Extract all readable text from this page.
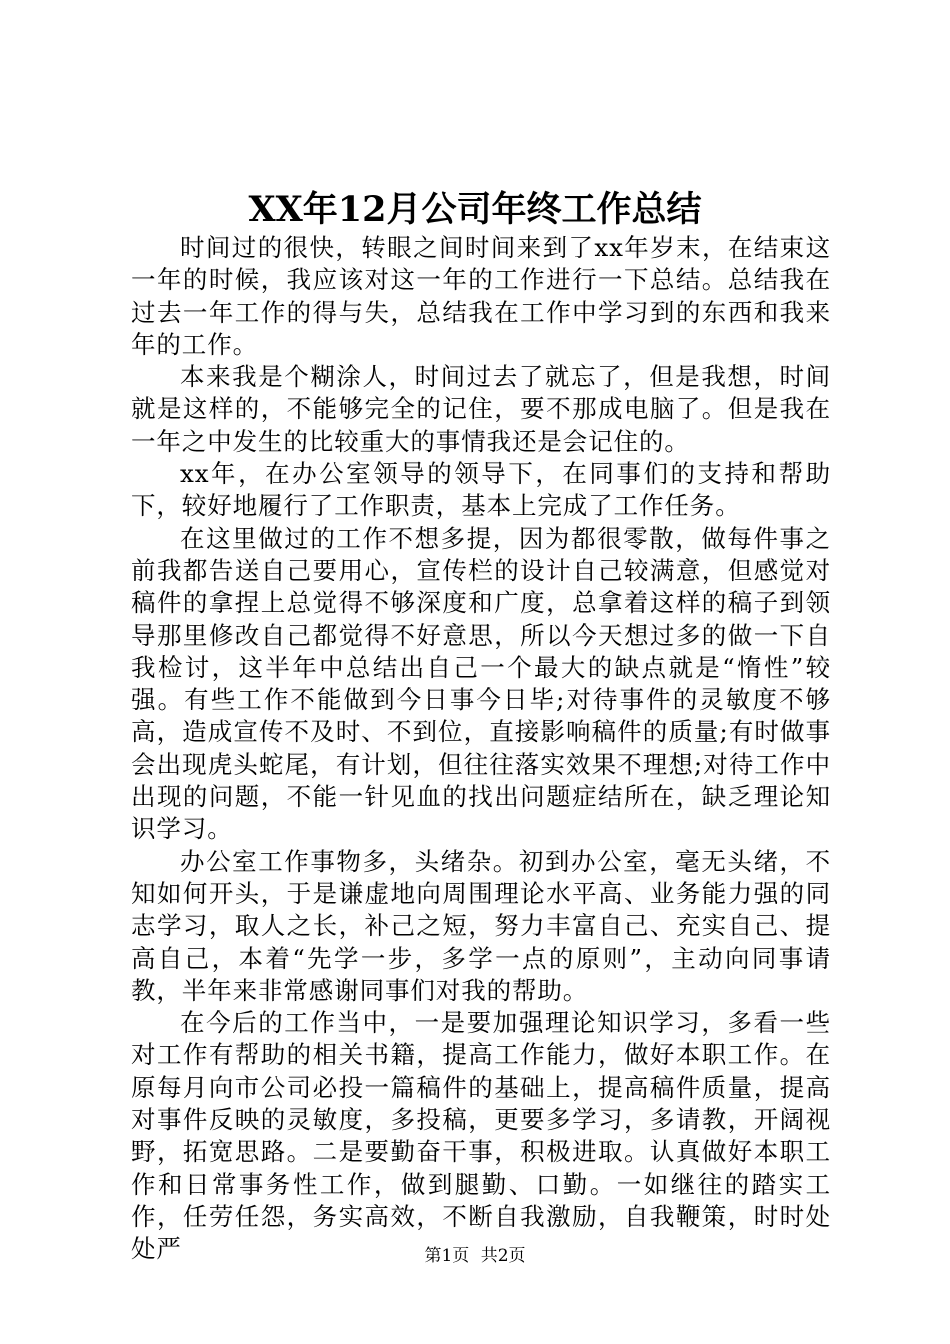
XX年12月公司年终工作总结

时间过的很快，转眼之间时间来到了xx年岁末，在结束这一年的时候，我应该对这一年的工作进行一下总结。总结我在过去一年工作的得与失，总结我在工作中学习到的东西和我来年的工作。

本来我是个糊涂人，时间过去了就忘了，但是我想，时间就是这样的，不能够完全的记住，要不那成电脑了。但是我在一年之中发生的比较重大的事情我还是会记住的。

xx年，在办公室领导的领导下，在同事们的支持和帮助下，较好地履行了工作职责，基本上完成了工作任务。

在这里做过的工作不想多提，因为都很零散，做每件事之前我都告送自己要用心，宣传栏的设计自己较满意，但感觉对稿件的拿捏上总觉得不够深度和广度，总拿着这样的稿子到领导那里修改自己都觉得不好意思，所以今天想过多的做一下自我检讨，这半年中总结出自己一个最大的缺点就是“惰性”较强。有些工作不能做到今日事今日毕;对待事件的灵敏度不够高，造成宣传不及时、不到位，直接影响稿件的质量;有时做事会出现虎头蛇尾，有计划，但往往落实效果不理想;对待工作中出现的问题，不能一针见血的找出问题症结所在，缺乏理论知识学习。

办公室工作事物多，头绪杂。初到办公室，毫无头绪，不知如何开头，于是谦虚地向周围理论水平高、业务能力强的同志学习，取人之长，补己之短，努力丰富自己、充实自己、提高自己，本着“先学一步，多学一点的原则”，主动向同事请教，半年来非常感谢同事们对我的帮助。

在今后的工作当中，一是要加强理论知识学习，多看一些对工作有帮助的相关书籍，提高工作能力，做好本职工作。在原每月向市公司必投一篇稿件的基础上，提高稿件质量，提高对事件反映的灵敏度，多投稿，更要多学习，多请教，开阔视野，拓宽思路。二是要勤奋干事，积极进取。认真做好本职工作和日常事务性工作，做到腿勤、口勤。一如继往的踏实工作，任劳任怨，务实高效，不断自我激励，自我鞭策，时时处处严	第1页 共2页
